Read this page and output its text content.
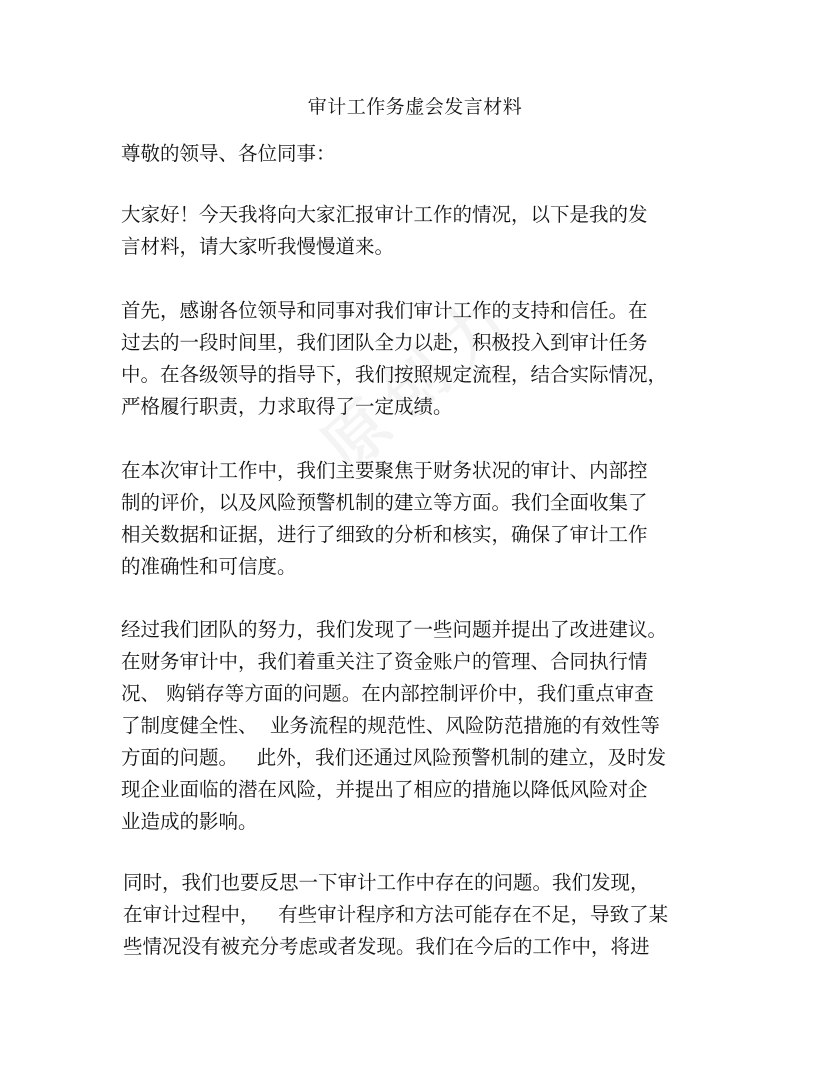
审计工作务虚会发言材料
尊敬的领导、各位同事：
大家好！今天我将向大家汇报审计工作的情况，以下是我的发
言材料，请大家听我慢慢道来。
首先，感谢各位领导和同事对我们审计工作的支持和信任。在
过去的一段时间里，我们团队全力以赴，积极投入到审计任务
中。在各级领导的指导下，我们按照规定流程，结合实际情况，
严格履行职责，力求取得了一定成绩。
在本次审计工作中，我们主要聚焦于财务状况的审计、内部控
制的评价，以及风险预警机制的建立等方面。我们全面收集了
相关数据和证据，进行了细致的分析和核实，确保了审计工作
的准确性和可信度。
经过我们团队的努力，我们发现了一些问题并提出了改进建议。
在财务审计中，我们着重关注了资金账户的管理、合同执行情
况、 购销存等方面的问题。在内部控制评价中，我们重点审查
了制度健全性、  业务流程的规范性、风险防范措施的有效性等
方面的问题。   此外，我们还通过风险预警机制的建立，及时发
现企业面临的潜在风险，并提出了相应的措施以降低风险对企
业造成的影响。
同时，我们也要反思一下审计工作中存在的问题。我们发现，
在审计过程中，   有些审计程序和方法可能存在不足，导致了某
些情况没有被充分考虑或者发现。我们在今后的工作中，将进
